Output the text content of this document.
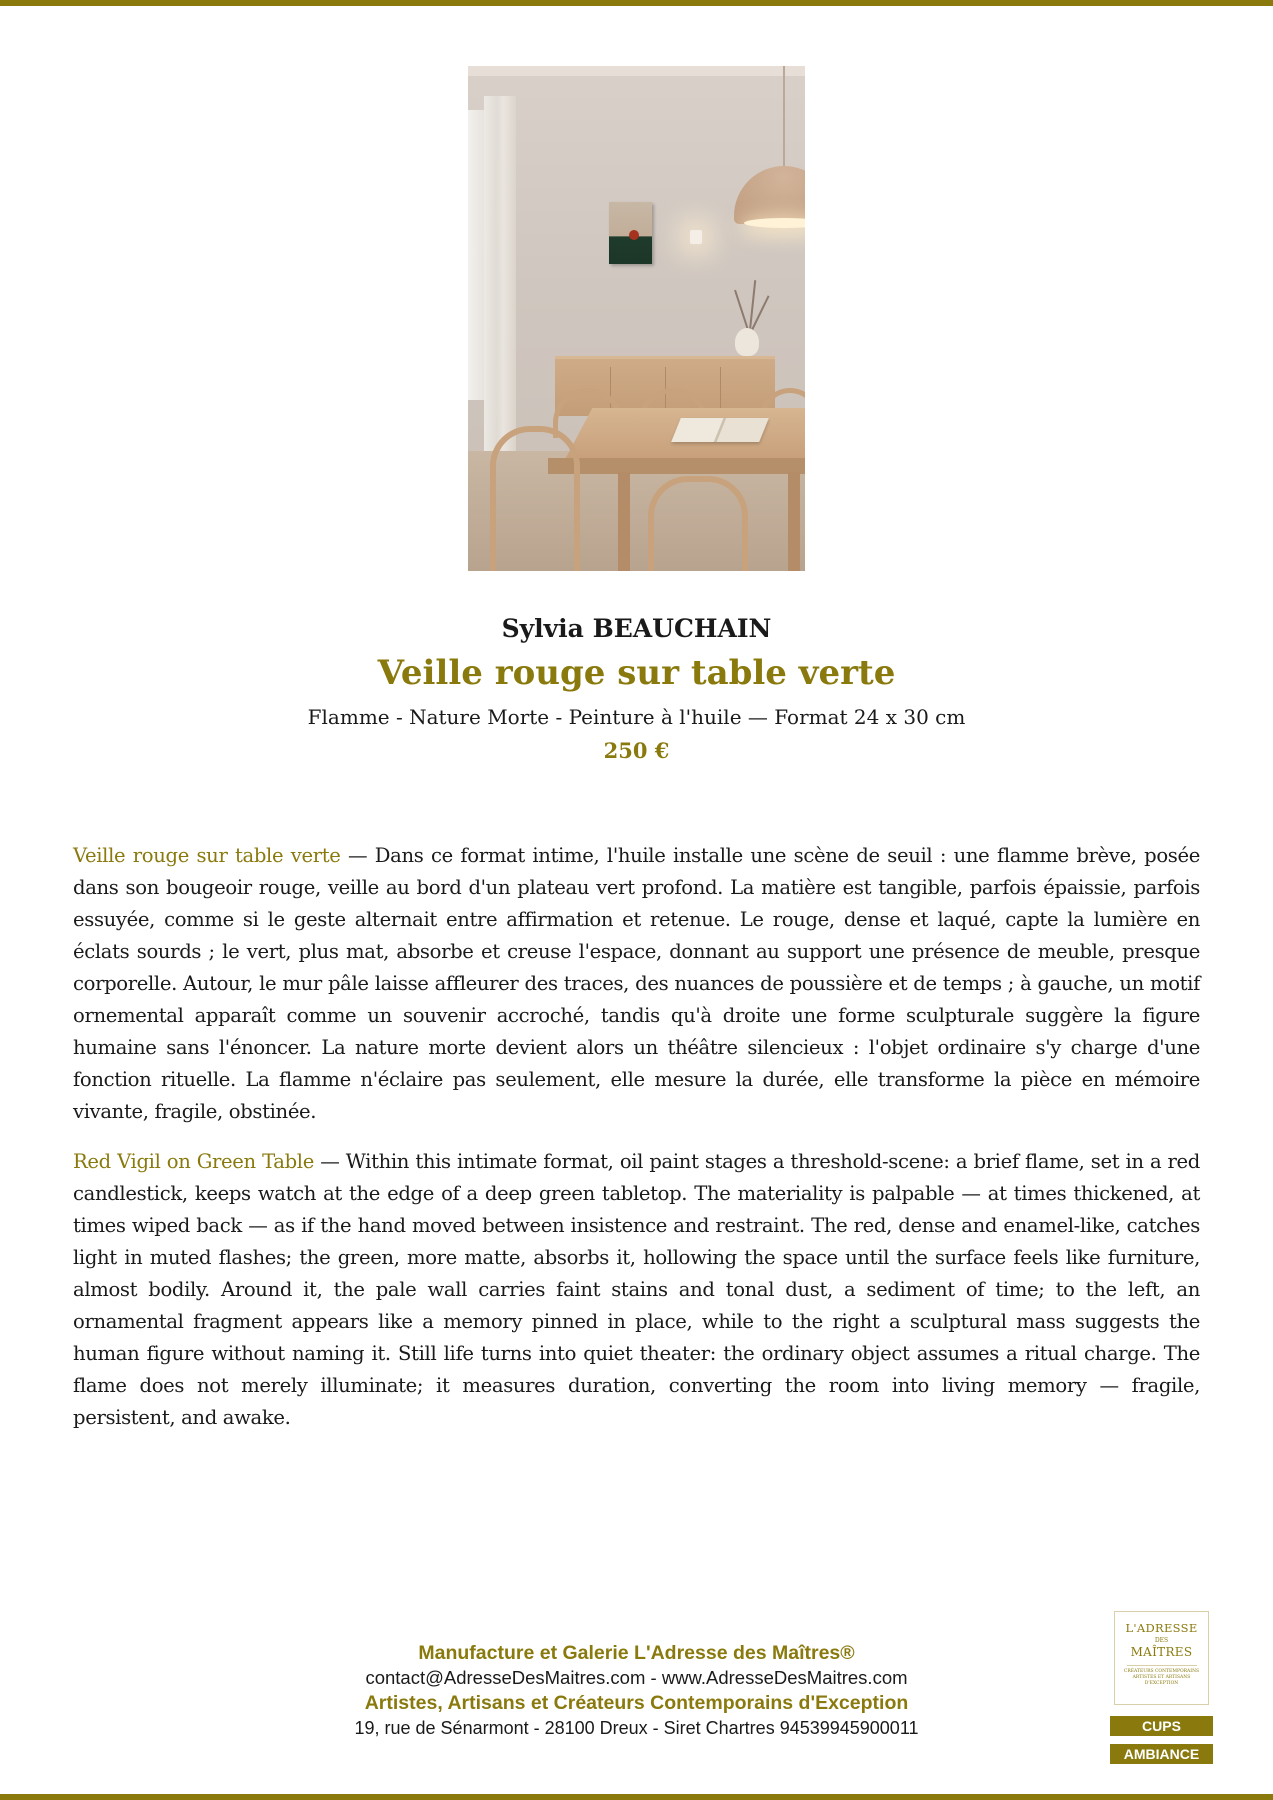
Sylvia BEAUCHAIN
Veille rouge sur table verte
Flamme - Nature Morte - Peinture à l'huile — Format 24 x 30 cm
250 €

Veille rouge sur table verte — Dans ce format intime, l'huile installe une scène de seuil : une flamme brève, posée dans son bougeoir rouge, veille au bord d'un plateau vert profond. La matière est tangible, parfois épaissie, parfois essuyée, comme si le geste alternait entre affirmation et retenue. Le rouge, dense et laqué, capte la lumière en éclats sourds ; le vert, plus mat, absorbe et creuse l'espace, donnant au support une présence de meuble, presque corporelle. Autour, le mur pâle laisse affleurer des traces, des nuances de poussière et de temps ; à gauche, un motif ornemental apparaît comme un souvenir accroché, tandis qu'à droite une forme sculpturale suggère la figure humaine sans l'énoncer. La nature morte devient alors un théâtre silencieux : l'objet ordinaire s'y charge d'une fonction rituelle. La flamme n'éclaire pas seulement, elle mesure la durée, elle transforme la pièce en mémoire vivante, fragile, obstinée.

Red Vigil on Green Table — Within this intimate format, oil paint stages a threshold-scene: a brief flame, set in a red candlestick, keeps watch at the edge of a deep green tabletop. The materiality is palpable — at times thickened, at times wiped back — as if the hand moved between insistence and restraint. The red, dense and enamel-like, catches light in muted flashes; the green, more matte, absorbs it, hollowing the space until the surface feels like furniture, almost bodily. Around it, the pale wall carries faint stains and tonal dust, a sediment of time; to the left, an ornamental fragment appears like a memory pinned in place, while to the right a sculptural mass suggests the human figure without naming it. Still life turns into quiet theater: the ordinary object assumes a ritual charge. The flame does not merely illuminate; it measures duration, converting the room into living memory — fragile, persistent, and awake.

Manufacture et Galerie L'Adresse des Maîtres®
contact@AdresseDesMaitres.com - www.AdresseDesMaitres.com
Artistes, Artisans et Créateurs Contemporains d'Exception
19, rue de Sénarmont - 28100 Dreux - Siret Chartres 94539945900011
L'ADRESSE
DES
MAÎTRES
CRÉATEURS CONTEMPORAINS ARTISTES ET ARTISANS D'EXCEPTION
CUPS
AMBIANCE
